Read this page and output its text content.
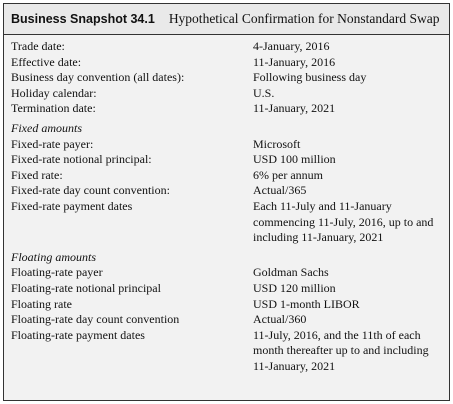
Business Snapshot 34.1 Hypothetical Confirmation for Nonstandard Swap
Trade date:	4-January, 2016
Effective date:	11-January, 2016
Business day convention (all dates):	Following business day
Holiday calendar:	U.S.
Termination date:	11-January, 2021
Fixed amounts
Fixed-rate payer:	Microsoft
Fixed-rate notional principal:	USD 100 million
Fixed rate:	6% per annum
Fixed-rate day count convention:	Actual/365
Fixed-rate payment dates	Each 11-July and 11-January commencing 11-July, 2016, up to and including 11-January, 2021
Floating amounts
Floating-rate payer	Goldman Sachs
Floating-rate notional principal	USD 120 million
Floating rate	USD 1-month LIBOR
Floating-rate day count convention	Actual/360
Floating-rate payment dates	11-July, 2016, and the 11th of each month thereafter up to and including 11-January, 2021
